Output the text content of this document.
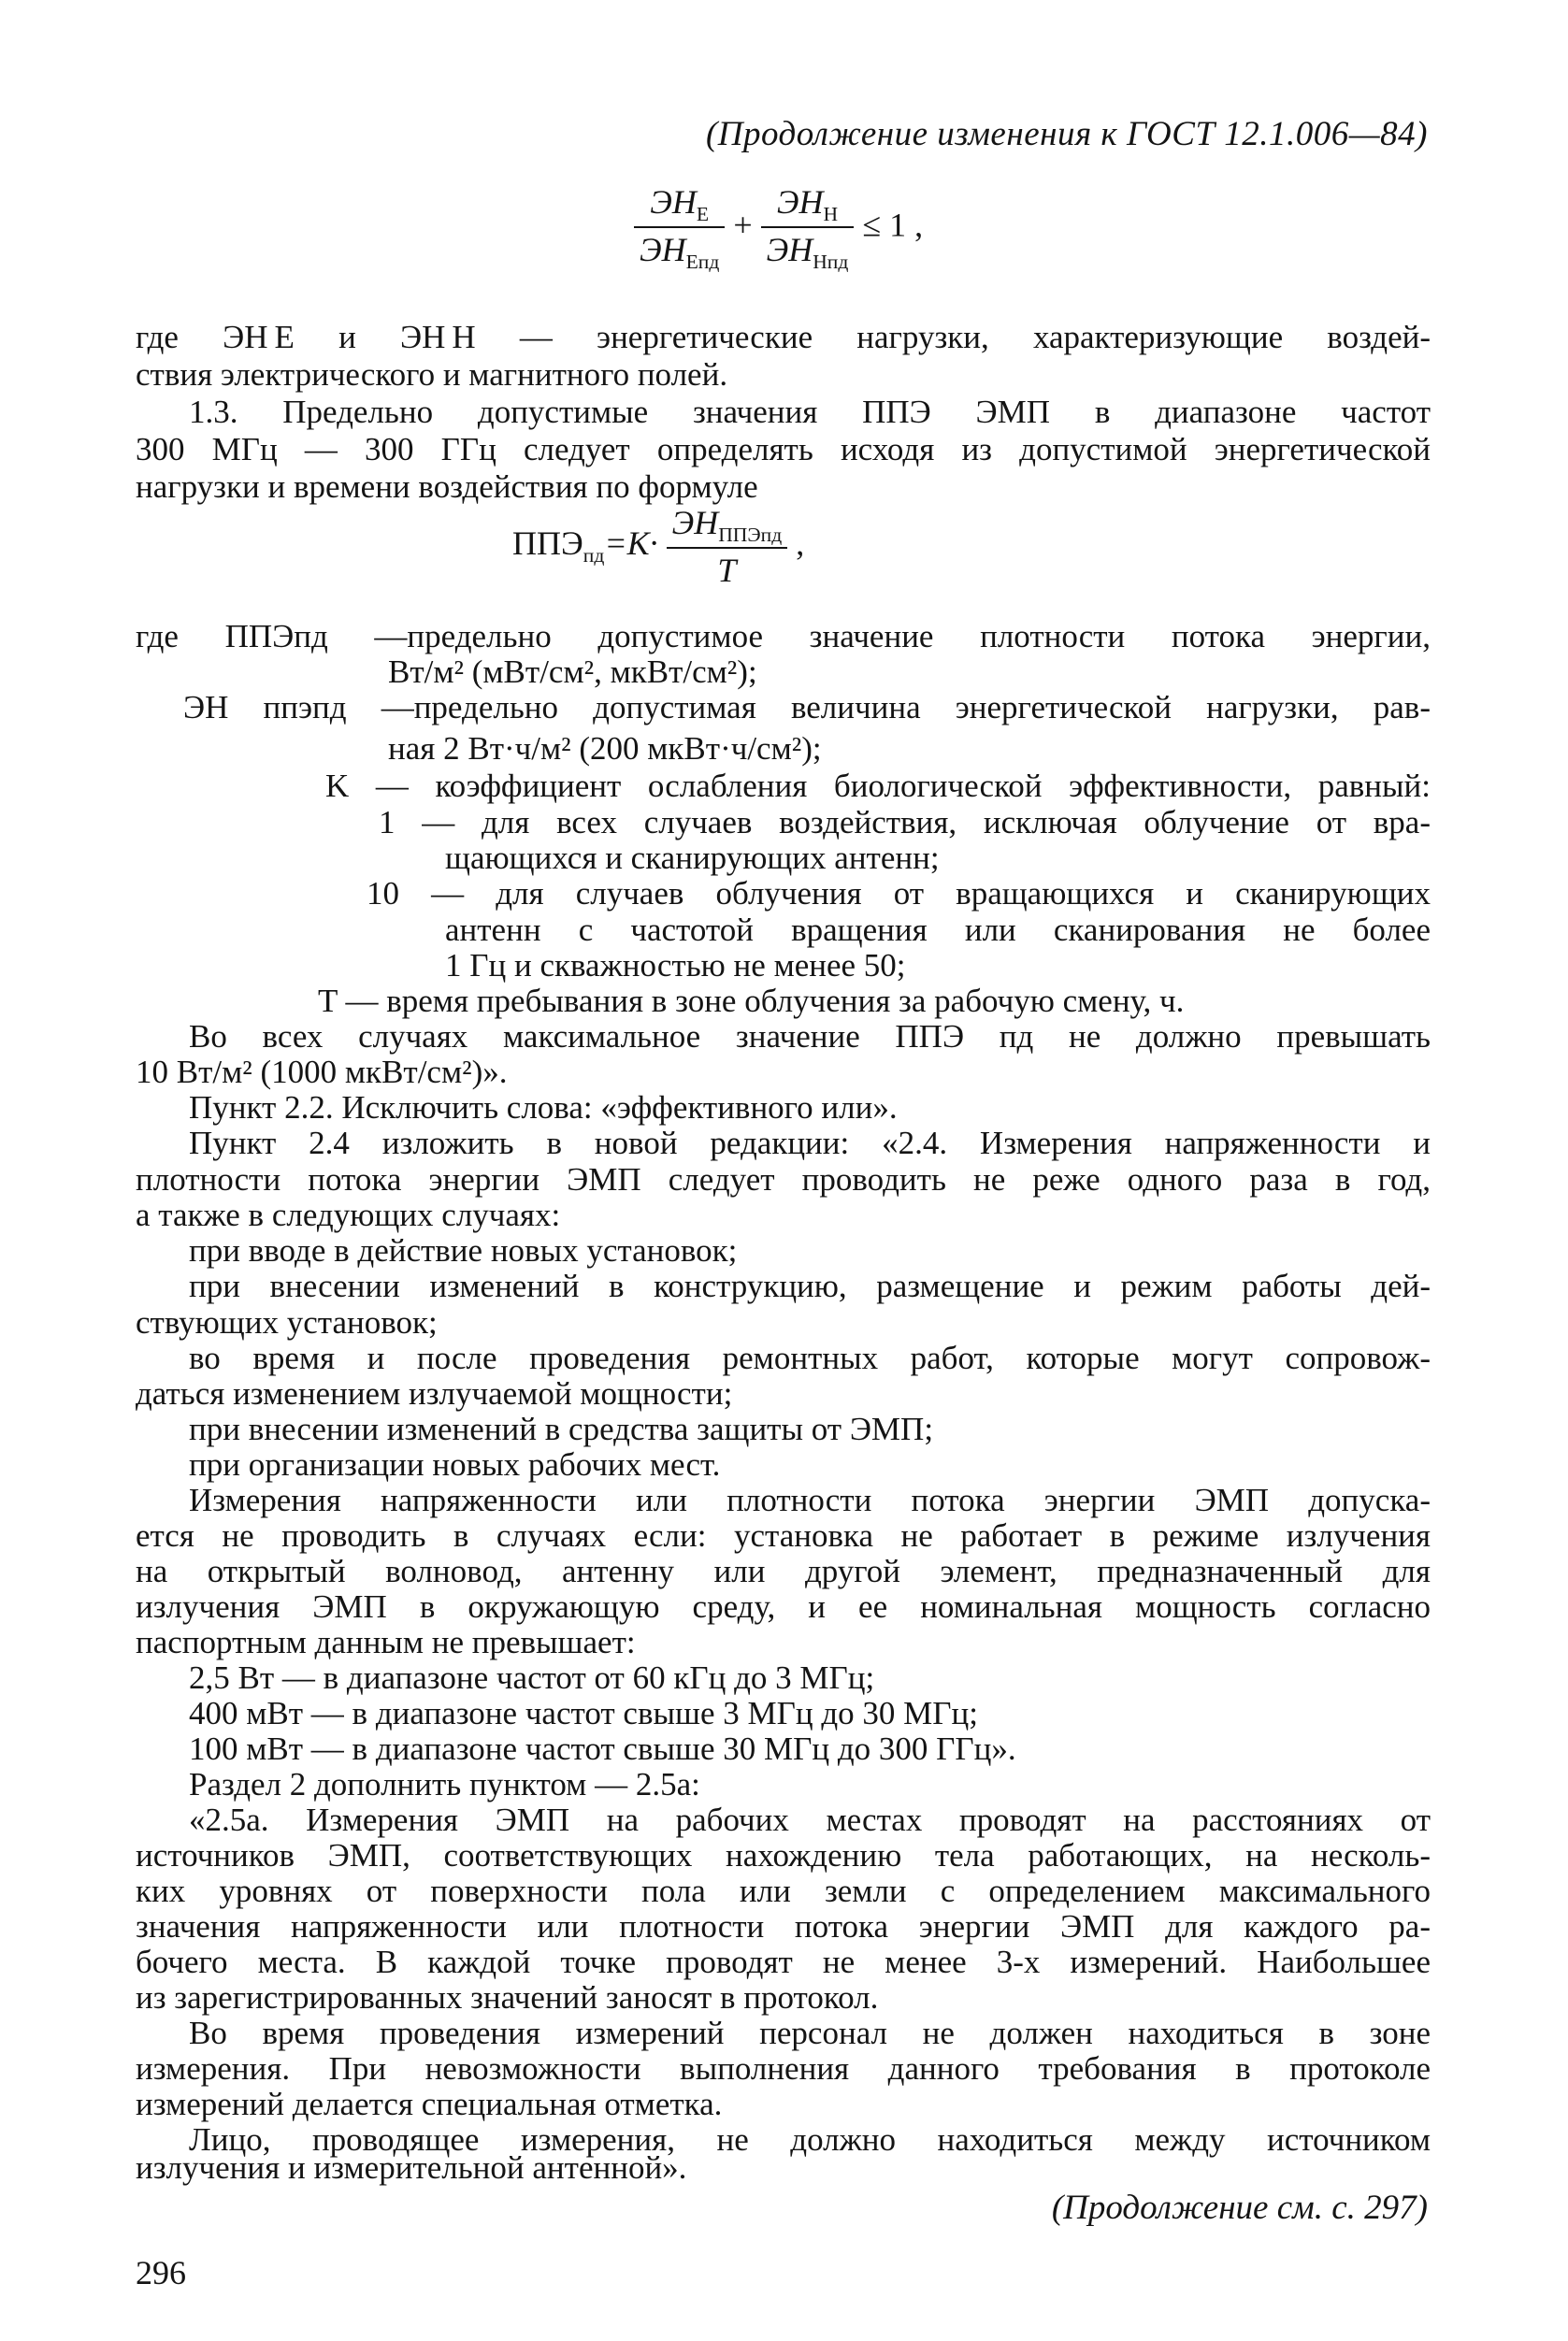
(Продолжение изменения к ГОСТ 12.1.006—84)
$\frac{ЭH_E}{ЭH_{Eпд}} + \frac{ЭH_H}{ЭH_{Hпд}} \le 1$ ,
где ЭH E и ЭH H — энергетические нагрузки, характеризующие воздей-
ствия электрического и магнитного полей.
1.3. Предельно допустимые значения ППЭ ЭМП в диапазоне частот
300 МГц — 300 ГГц следует определять исходя из допустимой энергетической
нагрузки и времени воздействия по формуле
$ППЭ_{пд}=K\cdot \frac{ЭH_{ППЭпд}}{T}$ ,
где ППЭпд —предельно допустимое значение плотности потока энергии,
Вт/м² (мВт/см², мкВт/см²);
ЭH ппэпд —предельно допустимая величина энергетической нагрузки, рав-
ная 2 Вт·ч/м² (200 мкВт·ч/см²);
K — коэффициент ослабления биологической эффективности, равный:
1 — для всех случаев воздействия, исключая облучение от вра-
щающихся и сканирующих антенн;
10 — для случаев облучения от вращающихся и сканирующих
антенн с частотой вращения или сканирования не более
1 Гц и скважностью не менее 50;
T — время пребывания в зоне облучения за рабочую смену, ч.
Во всех случаях максимальное значение ППЭ пд не должно превышать
10 Вт/м² (1000 мкВт/см²)».
Пункт 2.2. Исключить слова: «эффективного или».
Пункт 2.4 изложить в новой редакции: «2.4. Измерения напряженности и
плотности потока энергии ЭМП следует проводить не реже одного раза в год,
а также в следующих случаях:
при вводе в действие новых установок;
при внесении изменений в конструкцию, размещение и режим работы дей-
ствующих установок;
во время и после проведения ремонтных работ, которые могут сопровож-
даться изменением излучаемой мощности;
при внесении изменений в средства защиты от ЭМП;
при организации новых рабочих мест.
Измерения напряженности или плотности потока энергии ЭМП допуска-
ется не проводить в случаях если: установка не работает в режиме излучения
на открытый волновод, антенну или другой элемент, предназначенный для
излучения ЭМП в окружающую среду, и ее номинальная мощность согласно
паспортным данным не превышает:
2,5 Вт — в диапазоне частот от 60 кГц до 3 МГц;
400 мВт — в диапазоне частот свыше 3 МГц до 30 МГц;
100 мВт — в диапазоне частот свыше 30 МГц до 300 ГГц».
Раздел 2 дополнить пунктом — 2.5а:
«2.5а. Измерения ЭМП на рабочих местах проводят на расстояниях от
источников ЭМП, соответствующих нахождению тела работающих, на несколь-
ких уровнях от поверхности пола или земли с определением максимального
значения напряженности или плотности потока энергии ЭМП для каждого ра-
бочего места. В каждой точке проводят не менее 3-х измерений. Наибольшее
из зарегистрированных значений заносят в протокол.
Во время проведения измерений персонал не должен находиться в зоне
измерения. При невозможности выполнения данного требования в протоколе
измерений делается специальная отметка.
(Продолжение см. с. 297)
296
Лицо, проводящее измерения, не должно находиться между источником
излучения и измерительной антенной».
